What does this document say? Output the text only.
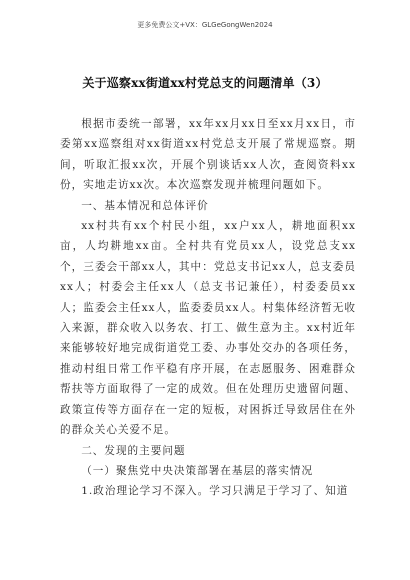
更多免费公文+VX：GLGeGongWen2024
关于巡察xx街道xx村党总支的问题清单（3）

根据市委统一部署，xx年xx月xx日至xx月xx日，市委第xx巡察组对xx街道xx村党总支开展了常规巡察。期间，听取汇报xx次，开展个别谈话xx人次，查阅资料xx份，实地走访xx次。本次巡察发现并梳理问题如下。

一、基本情况和总体评价

xx村共有xx个村民小组，xx户xx人，耕地面积xx亩，人均耕地xx亩。全村共有党员xx人，设党总支xx个，三委会干部xx人，其中：党总支书记xx人，总支委员xx人；村委会主任xx人（总支书记兼任），村委委员xx人；监委会主任xx人，监委委员xx人。村集体经济暂无收入来源，群众收入以务农、打工、做生意为主。xx村近年来能够较好地完成街道党工委、办事处交办的各项任务，推动村组日常工作平稳有序开展，在志愿服务、困难群众帮扶等方面取得了一定的成效。但在处理历史遗留问题、政策宣传等方面存在一定的短板，对困拆迁导致居住在外的群众关心关爱不足。

二、发现的主要问题

（一）聚焦党中央决策部署在基层的落实情况

1.政治理论学习不深入。学习只满足于学习了、知道
